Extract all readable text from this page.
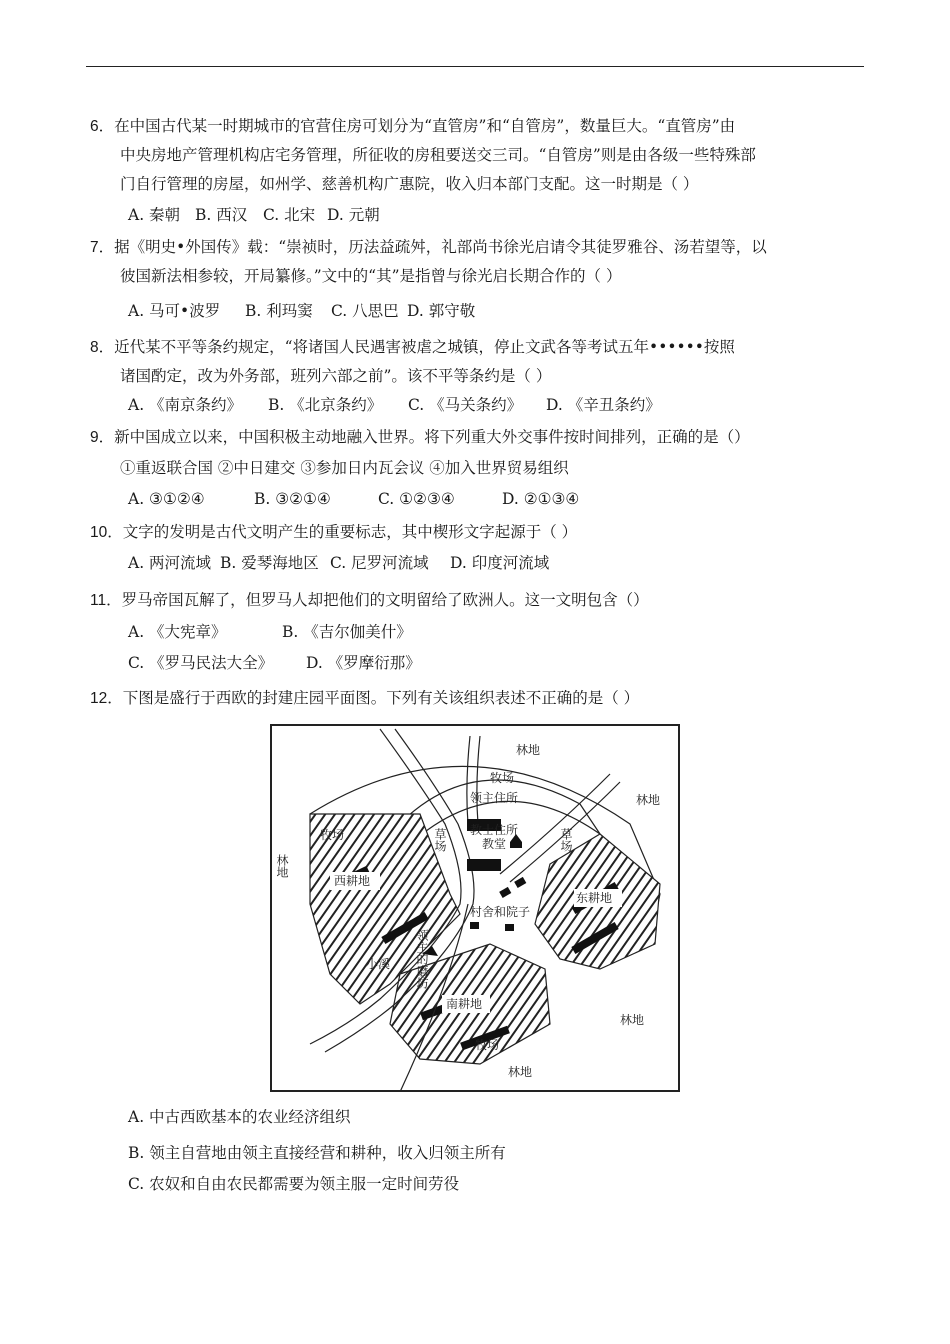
6．在中国古代某一时期城市的官营住房可划分为“直管房”和“自管房”，数量巨大。“直管房”由
中央房地产管理机构店宅务管理，所征收的房租要送交三司。“自管房”则是由各级一些特殊部
门自行管理的房屋，如州学、慈善机构广惠院，收入归本部门支配。这一时期是（ ）
A. 秦朝 B. 西汉 C. 北宋 D. 元朝
7．据《明史•外国传》载：“崇祯时，历法益疏舛，礼部尚书徐光启请令其徒罗雅谷、汤若望等，以
彼国新法相参较，开局纂修。”文中的“其”是指曾与徐光启长期合作的（ ）
A. 马可•波罗 B. 利玛窦 C. 八思巴 D. 郭守敬
8．近代某不平等条约规定，“将诸国人民遇害被虐之城镇，停止文武各等考试五年••••••按照
诸国酌定，改为外务部，班列六部之前”。该不平等条约是（ ）
A. 《南京条约》 B. 《北京条约》 C. 《马关条约》 D. 《辛丑条约》
9．新中国成立以来，中国积极主动地融入世界。将下列重大外交事件按时间排列，正确的是（）
①重返联合国 ②中日建交 ③参加日内瓦会议 ④加入世界贸易组织
A. ③①②④	B. ③②①④	C. ①②③④	D. ②①③④
10．文字的发明是古代文明产生的重要标志，其中楔形文字起源于（ ）
A. 两河流域 B. 爱琴海地区 C. 尼罗河流域 D. 印度河流域
11．罗马帝国瓦解了，但罗马人却把他们的文明留给了欧洲人。这一文明包含（）
A. 《大宪章》	B. 《吉尔伽美什》
C. 《罗马民法大全》 D. 《罗摩衍那》
12．下图是盛行于西欧的封建庄园平面图。下列有关该组织表述不正确的是（ ）
林地
牧场
林地
领主住所
教士住所
教堂
牧场	草场	草场
林地
西耕地
东耕地
村舍和院子
领主的磨坊
小溪
南耕地
林地
牧场
林地
A. 中古西欧基本的农业经济组织
B. 领主自营地由领主直接经营和耕种，收入归领主所有
C. 农奴和自由农民都需要为领主服一定时间劳役
